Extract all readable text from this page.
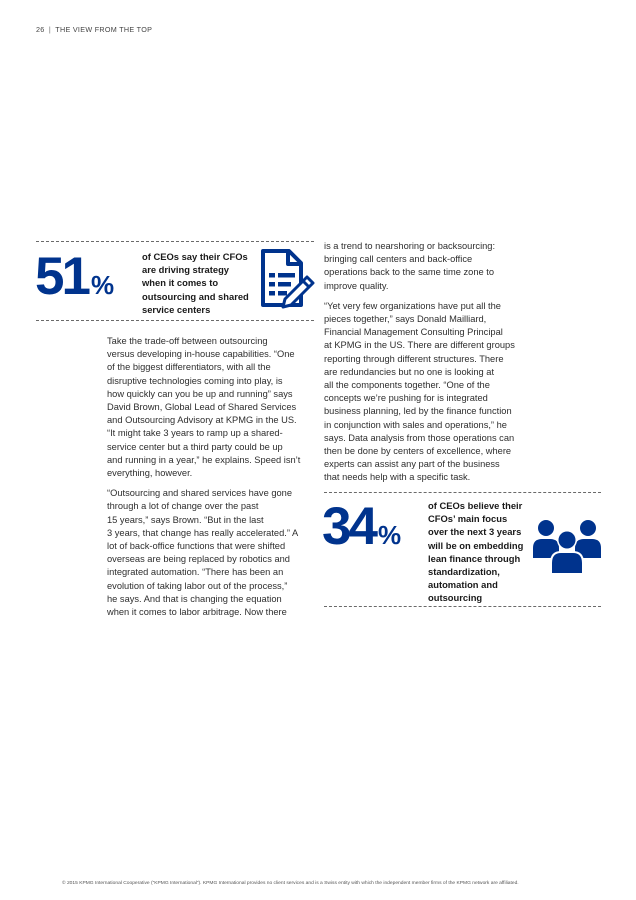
26 | THE VIEW FROM THE TOP
51 %
of CEOs say their CFOs
are driving strategy
when it comes to
outsourcing and shared
service centers

Take the trade-off between outsourcing
versus developing in-house capabilities. “One
of the biggest differentiators, with all the
disruptive technologies coming into play, is
how quickly can you be up and running” says
David Brown, Global Lead of Shared Services
and Outsourcing Advisory at KPMG in the US.
“It might take 3 years to ramp up a shared-
service center but a third party could be up
and running in a year,” he explains. Speed isn’t
everything, however.

“Outsourcing and shared services have gone
through a lot of change over the past
15 years,” says Brown. “But in the last
3 years, that change has really accelerated.” A
lot of back-office functions that were shifted
overseas are being replaced by robotics and
integrated automation. “There has been an
evolution of taking labor out of the process,”
he says. And that is changing the equation
when it comes to labor arbitrage. Now there

is a trend to nearshoring or backsourcing:
bringing call centers and back-office
operations back to the same time zone to
improve quality.

“Yet very few organizations have put all the
pieces together,” says Donald Mailliard,
Financial Management Consulting Principal
at KPMG in the US. There are different groups
reporting through different structures. There
are redundancies but no one is looking at
all the components together. “One of the
concepts we’re pushing for is integrated
business planning, led by the finance function
in conjunction with sales and operations,” he
says. Data analysis from those operations can
then be done by centers of excellence, where
experts can assist any part of the business
that needs help with a specific task.

34 %
of CEOs believe their
CFOs’ main focus
over the next 3 years
will be on embedding
lean finance through
standardization,
automation and
outsourcing
© 2015 KPMG International Cooperative (“KPMG International”). KPMG International provides no client services and is a Swiss entity with which the independent member firms of the KPMG network are affiliated.
